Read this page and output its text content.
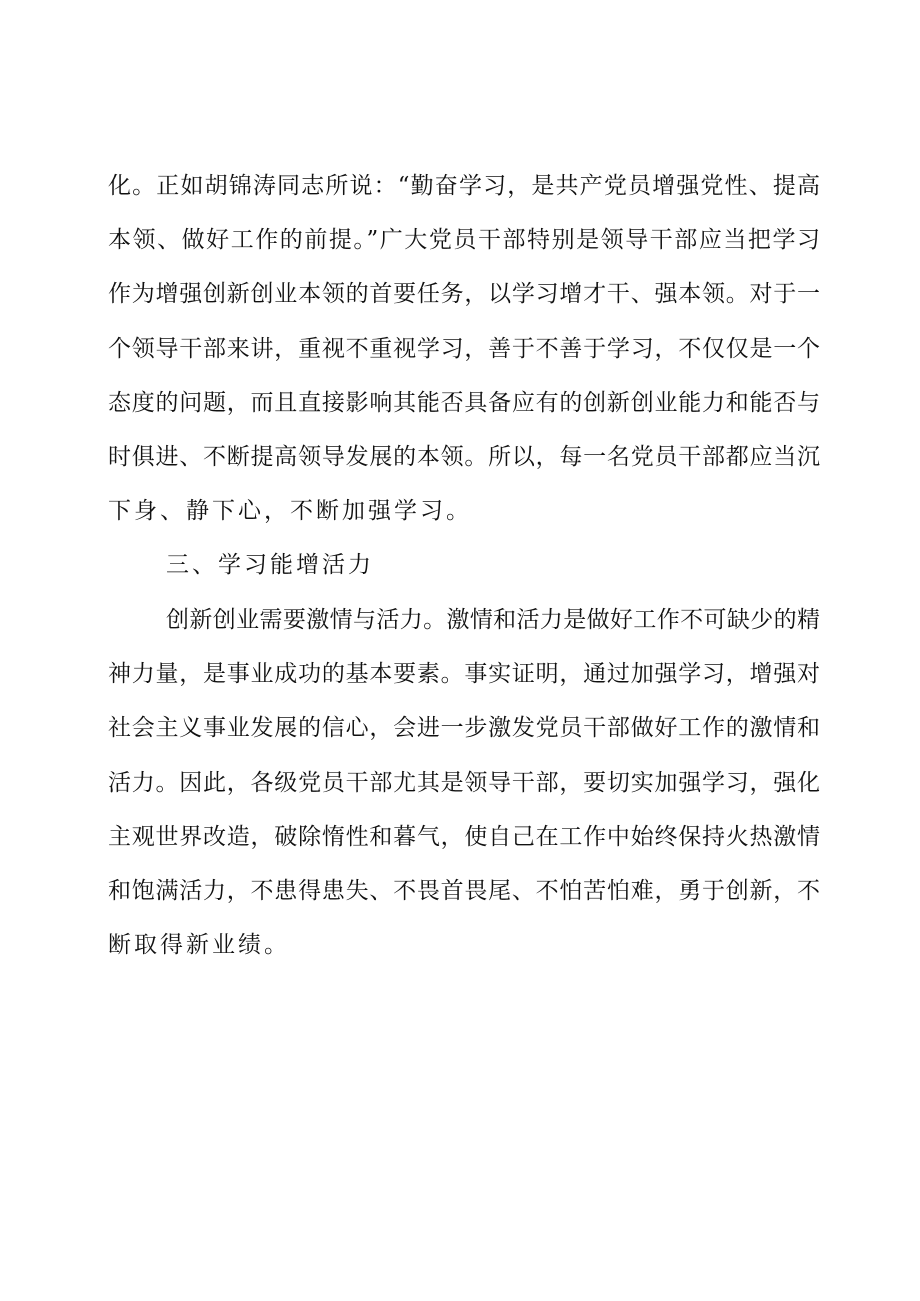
化。正如胡锦涛同志所说：“勤奋学习，是共产党员增强党性、提高
本领、做好工作的前提。”广大党员干部特别是领导干部应当把学习
作为增强创新创业本领的首要任务，以学习增才干、强本领。对于一
个领导干部来讲，重视不重视学习，善于不善于学习，不仅仅是一个
态度的问题，而且直接影响其能否具备应有的创新创业能力和能否与
时俱进、不断提高领导发展的本领。所以，每一名党员干部都应当沉
下身、静下心，不断加强学习。
三、学习能增活力
创新创业需要激情与活力。激情和活力是做好工作不可缺少的精
神力量，是事业成功的基本要素。事实证明，通过加强学习，增强对
社会主义事业发展的信心，会进一步激发党员干部做好工作的激情和
活力。因此，各级党员干部尤其是领导干部，要切实加强学习，强化
主观世界改造，破除惰性和暮气，使自己在工作中始终保持火热激情
和饱满活力，不患得患失、不畏首畏尾、不怕苦怕难，勇于创新，不
断取得新业绩。
